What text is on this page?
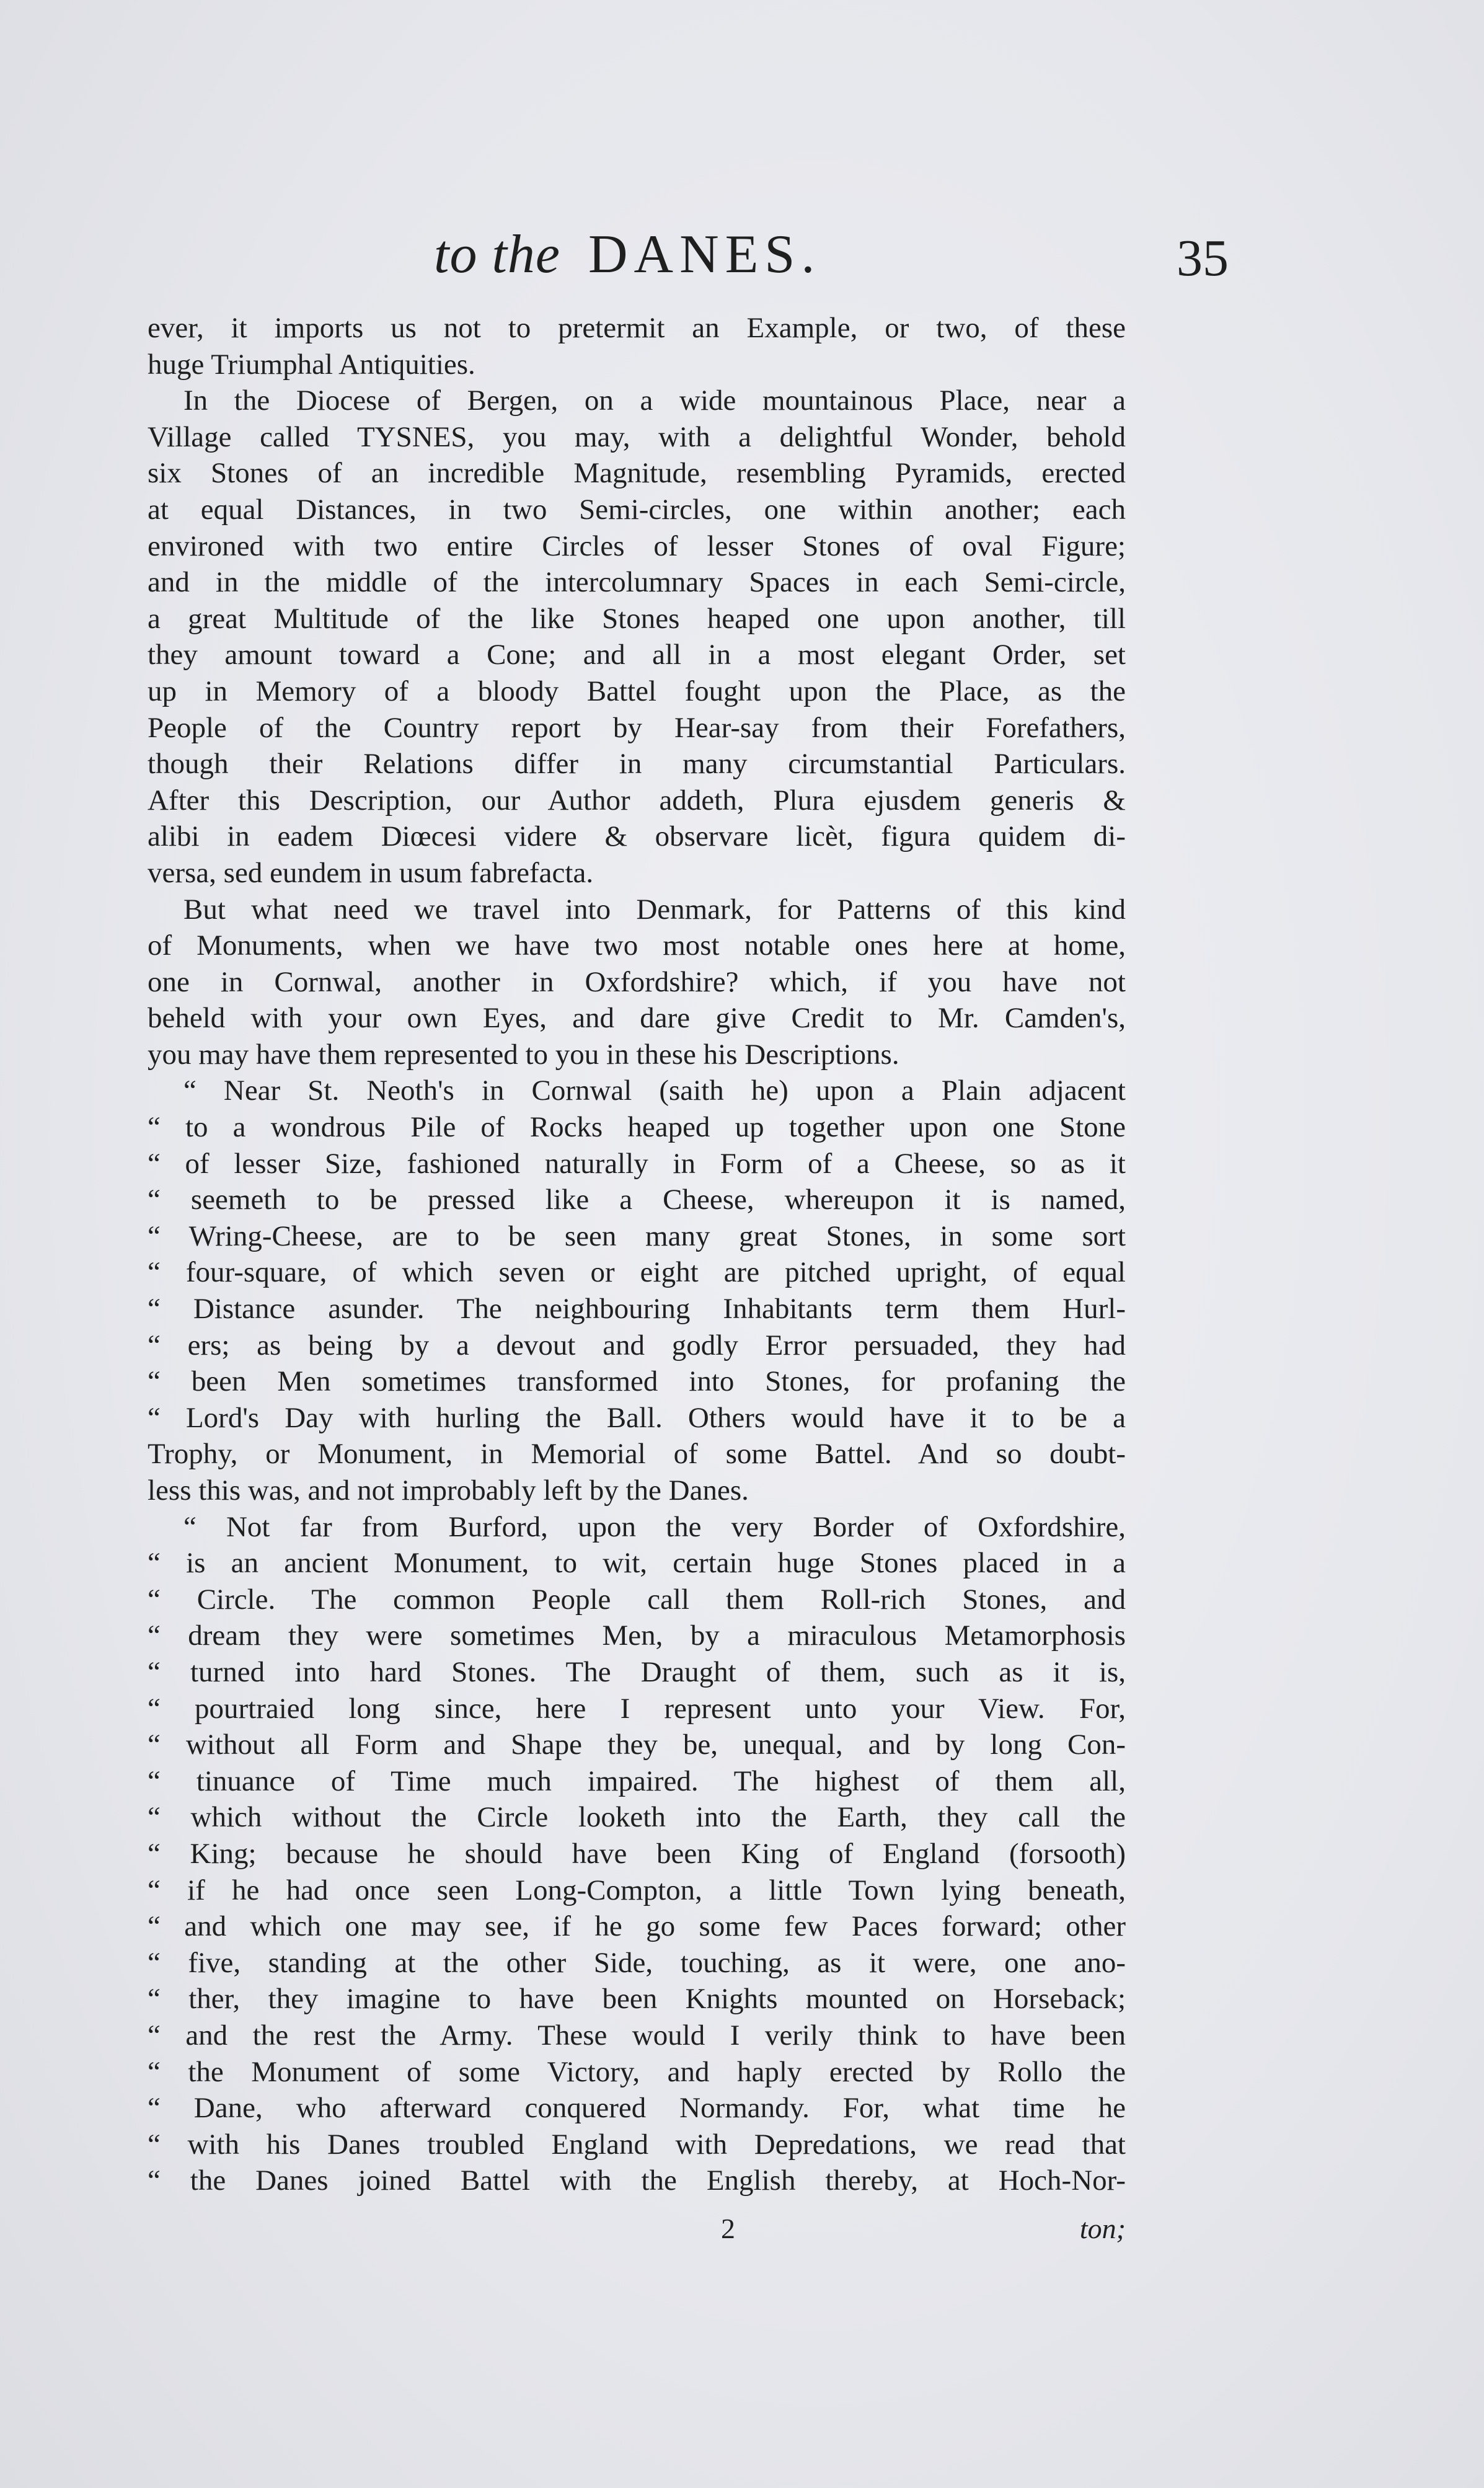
to the DANES.	35
ever, it imports us not to pretermit an Example, or two, of these
huge Triumphal Antiquities.
In the Diocese of Bergen, on a wide mountainous Place, near a
Village called TYSNES, you may, with a delightful Wonder, behold
six Stones of an incredible Magnitude, resembling Pyramids, erected
at equal Distances, in two Semi-circles, one within another; each
environed with two entire Circles of lesser Stones of oval Figure;
and in the middle of the intercolumnary Spaces in each Semi-circle,
a great Multitude of the like Stones heaped one upon another, till
they amount toward a Cone; and all in a most elegant Order, set
up in Memory of a bloody Battel fought upon the Place, as the
People of the Country report by Hear-say from their Forefathers,
though their Relations differ in many circumstantial Particulars.
After this Description, our Author addeth, Plura ejusdem generis &
alibi in eadem Diœcesi videre & observare licèt, figura quidem di-
versa, sed eundem in usum fabrefacta.
But what need we travel into Denmark, for Patterns of this kind
of Monuments, when we have two most notable ones here at home,
one in Cornwal, another in Oxfordshire? which, if you have not
beheld with your own Eyes, and dare give Credit to Mr. Camden's,
you may have them represented to you in these his Descriptions.
“ Near St. Neoth's in Cornwal (saith he) upon a Plain adjacent
“ to a wondrous Pile of Rocks heaped up together upon one Stone
“ of lesser Size, fashioned naturally in Form of a Cheese, so as it
“ seemeth to be pressed like a Cheese, whereupon it is named,
“ Wring-Cheese, are to be seen many great Stones, in some sort
“ four-square, of which seven or eight are pitched upright, of equal
“ Distance asunder. The neighbouring Inhabitants term them Hurl-
“ ers; as being by a devout and godly Error persuaded, they had
“ been Men sometimes transformed into Stones, for profaning the
“ Lord's Day with hurling the Ball. Others would have it to be a
Trophy, or Monument, in Memorial of some Battel. And so doubt-
less this was, and not improbably left by the Danes.
“ Not far from Burford, upon the very Border of Oxfordshire,
“ is an ancient Monument, to wit, certain huge Stones placed in a
“ Circle. The common People call them Roll-rich Stones, and
“ dream they were sometimes Men, by a miraculous Metamorphosis
“ turned into hard Stones. The Draught of them, such as it is,
“ pourtraied long since, here I represent unto your View. For,
“ without all Form and Shape they be, unequal, and by long Con-
“ tinuance of Time much impaired. The highest of them all,
“ which without the Circle looketh into the Earth, they call the
“ King; because he should have been King of England (forsooth)
“ if he had once seen Long-Compton, a little Town lying beneath,
“ and which one may see, if he go some few Paces forward; other
“ five, standing at the other Side, touching, as it were, one ano-
“ ther, they imagine to have been Knights mounted on Horseback;
“ and the rest the Army. These would I verily think to have been
“ the Monument of some Victory, and haply erected by Rollo the
“ Dane, who afterward conquered Normandy. For, what time he
“ with his Danes troubled England with Depredations, we read that
“ the Danes joined Battel with the English thereby, at Hoch-Nor-
2	ton;
